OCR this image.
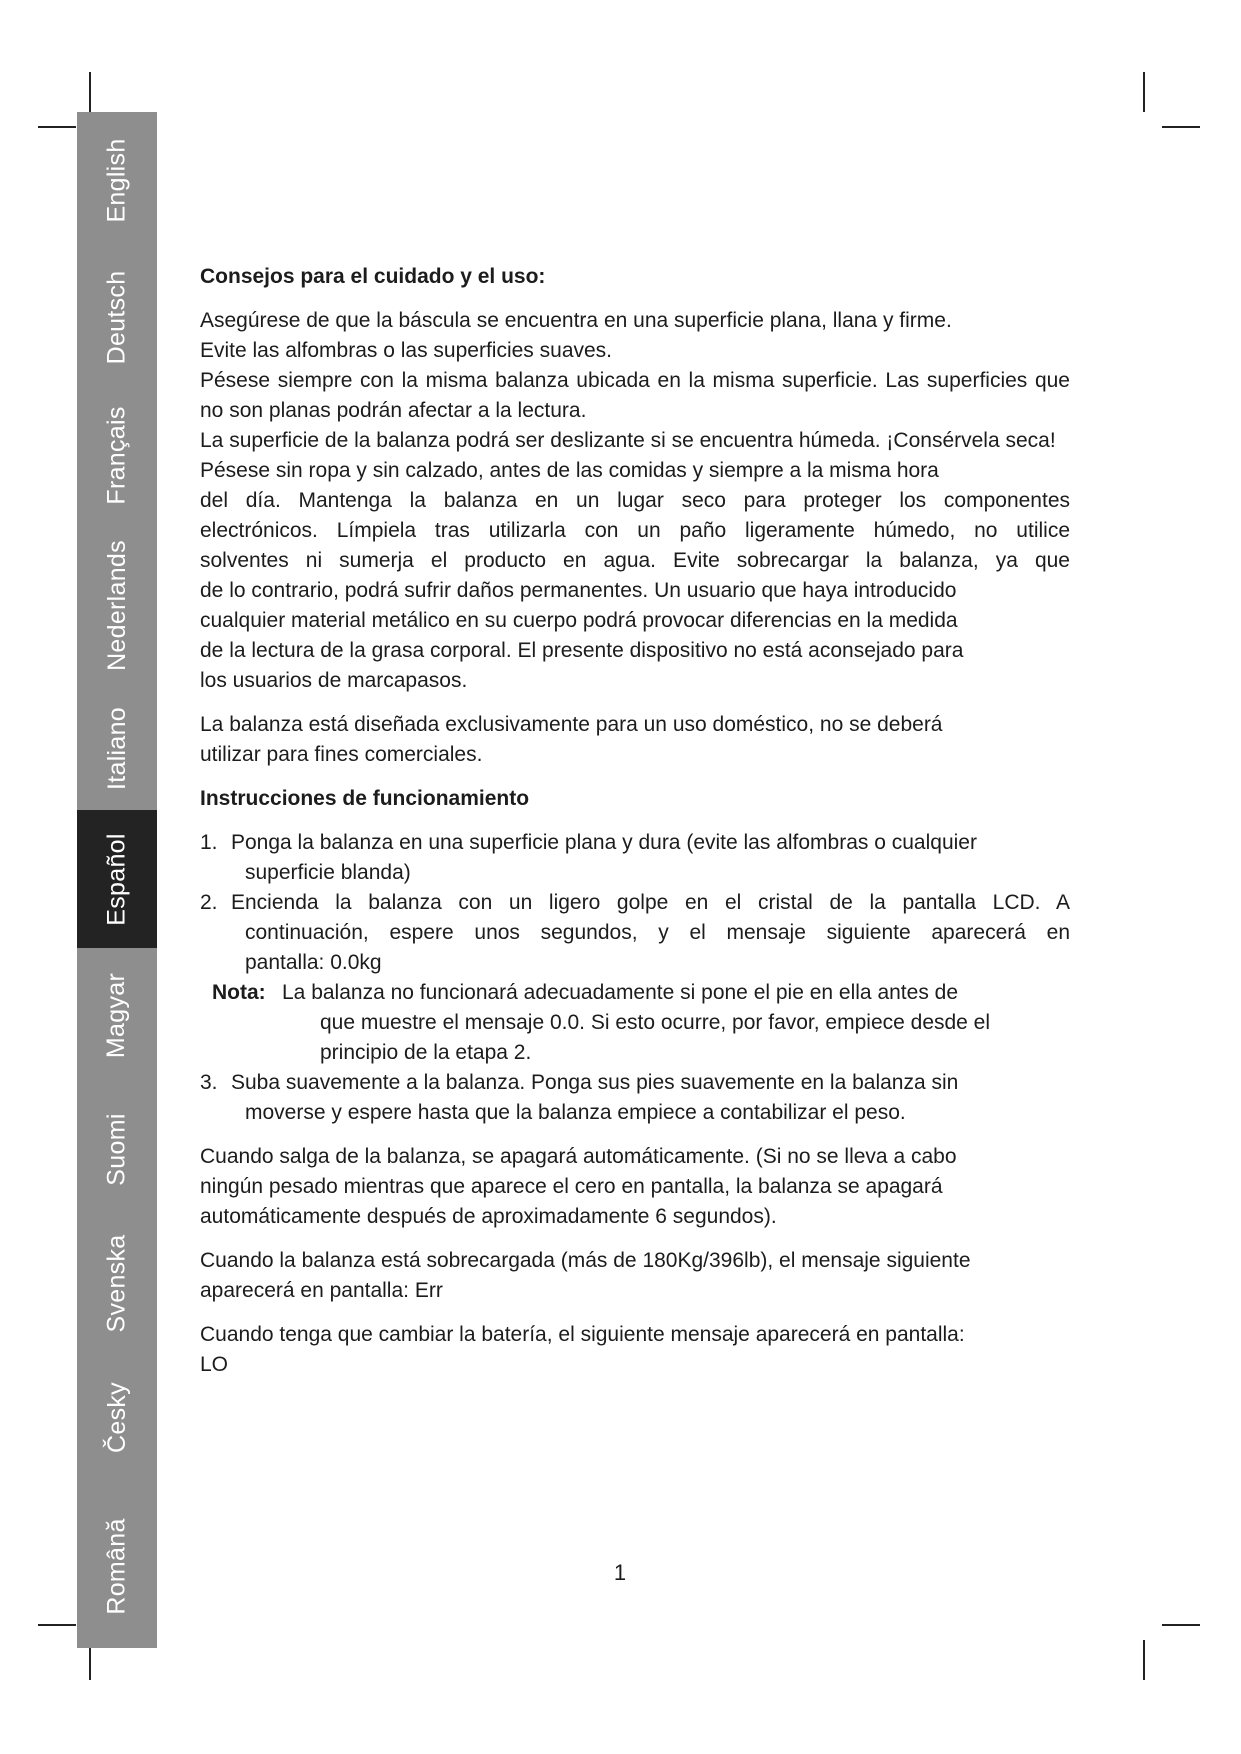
English
Deutsch
Français
Nederlands
Italiano
Español
Magyar
Suomi
Svenska
Česky
Română
Consejos para el cuidado y el uso:

Asegúrese de que la báscula se encuentra en una superficie plana, llana y firme.
Evite las alfombras o las superficies suaves.

Pésese siempre con la misma balanza ubicada en la misma superficie. Las superficies que no son planas podrán afectar a la lectura.

La superficie de la balanza podrá ser deslizante si se encuentra húmeda. ¡Consérvela seca!

Pésese sin ropa y sin calzado, antes de las comidas y siempre a la misma hora
del día. Mantenga la balanza en un lugar seco para proteger los componentes
electrónicos. Límpiela tras utilizarla con un paño ligeramente húmedo, no utilice
solventes ni sumerja el producto en agua. Evite sobrecargar la balanza, ya que
de lo contrario, podrá sufrir daños permanentes. Un usuario que haya introducido
cualquier material metálico en su cuerpo podrá provocar diferencias en la medida
de la lectura de la grasa corporal. El presente dispositivo no está aconsejado para
los usuarios de marcapasos.

La balanza está diseñada exclusivamente para un uso doméstico, no se deberá
utilizar para fines comerciales.

Instrucciones de funcionamiento
1. Ponga la balanza en una superficie plana y dura (evite las alfombras o cualquier
superficie blanda)
2. Encienda la balanza con un ligero golpe en el cristal de la pantalla LCD. A
continuación, espere unos segundos, y el mensaje siguiente aparecerá en
pantalla: 0.0kg
Nota: La balanza no funcionará adecuadamente si pone el pie en ella antes de
que muestre el mensaje 0.0. Si esto ocurre, por favor, empiece desde el
principio de la etapa 2.
3. Suba suavemente a la balanza. Ponga sus pies suavemente en la balanza sin
moverse y espere hasta que la balanza empiece a contabilizar el peso.

Cuando salga de la balanza, se apagará automáticamente. (Si no se lleva a cabo
ningún pesado mientras que aparece el cero en pantalla, la balanza se apagará
automáticamente después de aproximadamente 6 segundos).

Cuando la balanza está sobrecargada (más de 180Kg/396lb), el mensaje siguiente
aparecerá en pantalla: Err

Cuando tenga que cambiar la batería, el siguiente mensaje aparecerá en pantalla:
LO

1
